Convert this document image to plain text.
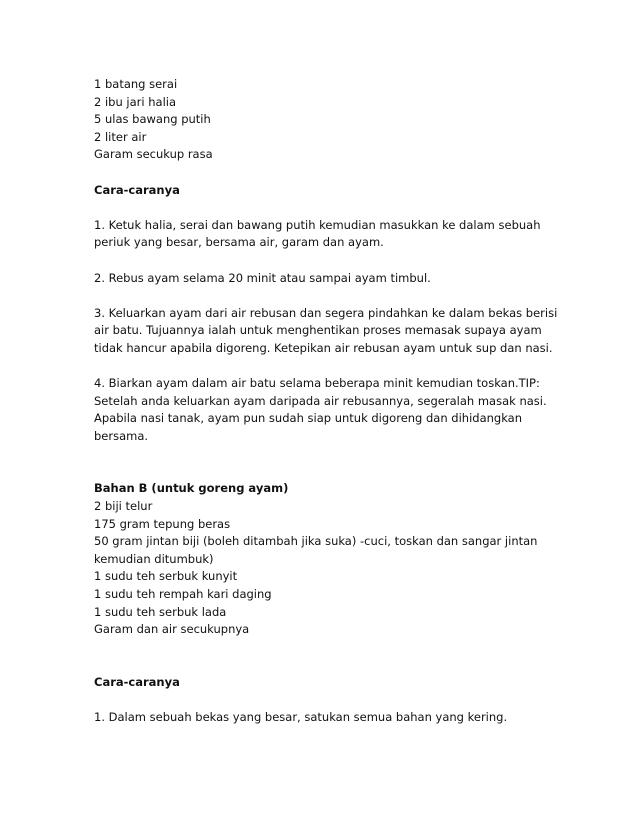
1 batang serai
2 ibu jari halia
5 ulas bawang putih
2 liter air
Garam secukup rasa
Cara-caranya
1. Ketuk halia, serai dan bawang putih kemudian masukkan ke dalam sebuah
periuk yang besar, bersama air, garam dan ayam.
2. Rebus ayam selama 20 minit atau sampai ayam timbul.
3. Keluarkan ayam dari air rebusan dan segera pindahkan ke dalam bekas berisi
air batu. Tujuannya ialah untuk menghentikan proses memasak supaya ayam
tidak hancur apabila digoreng. Ketepikan air rebusan ayam untuk sup dan nasi.
4. Biarkan ayam dalam air batu selama beberapa minit kemudian toskan.TIP:
Setelah anda keluarkan ayam daripada air rebusannya, segeralah masak nasi.
Apabila nasi tanak, ayam pun sudah siap untuk digoreng dan dihidangkan
bersama.
Bahan B (untuk goreng ayam)
2 biji telur
175 gram tepung beras
50 gram jintan biji (boleh ditambah jika suka) -cuci, toskan dan sangar jintan
kemudian ditumbuk)
1 sudu teh serbuk kunyit
1 sudu teh rempah kari daging
1 sudu teh serbuk lada
Garam dan air secukupnya
Cara-caranya
1. Dalam sebuah bekas yang besar, satukan semua bahan yang kering.
